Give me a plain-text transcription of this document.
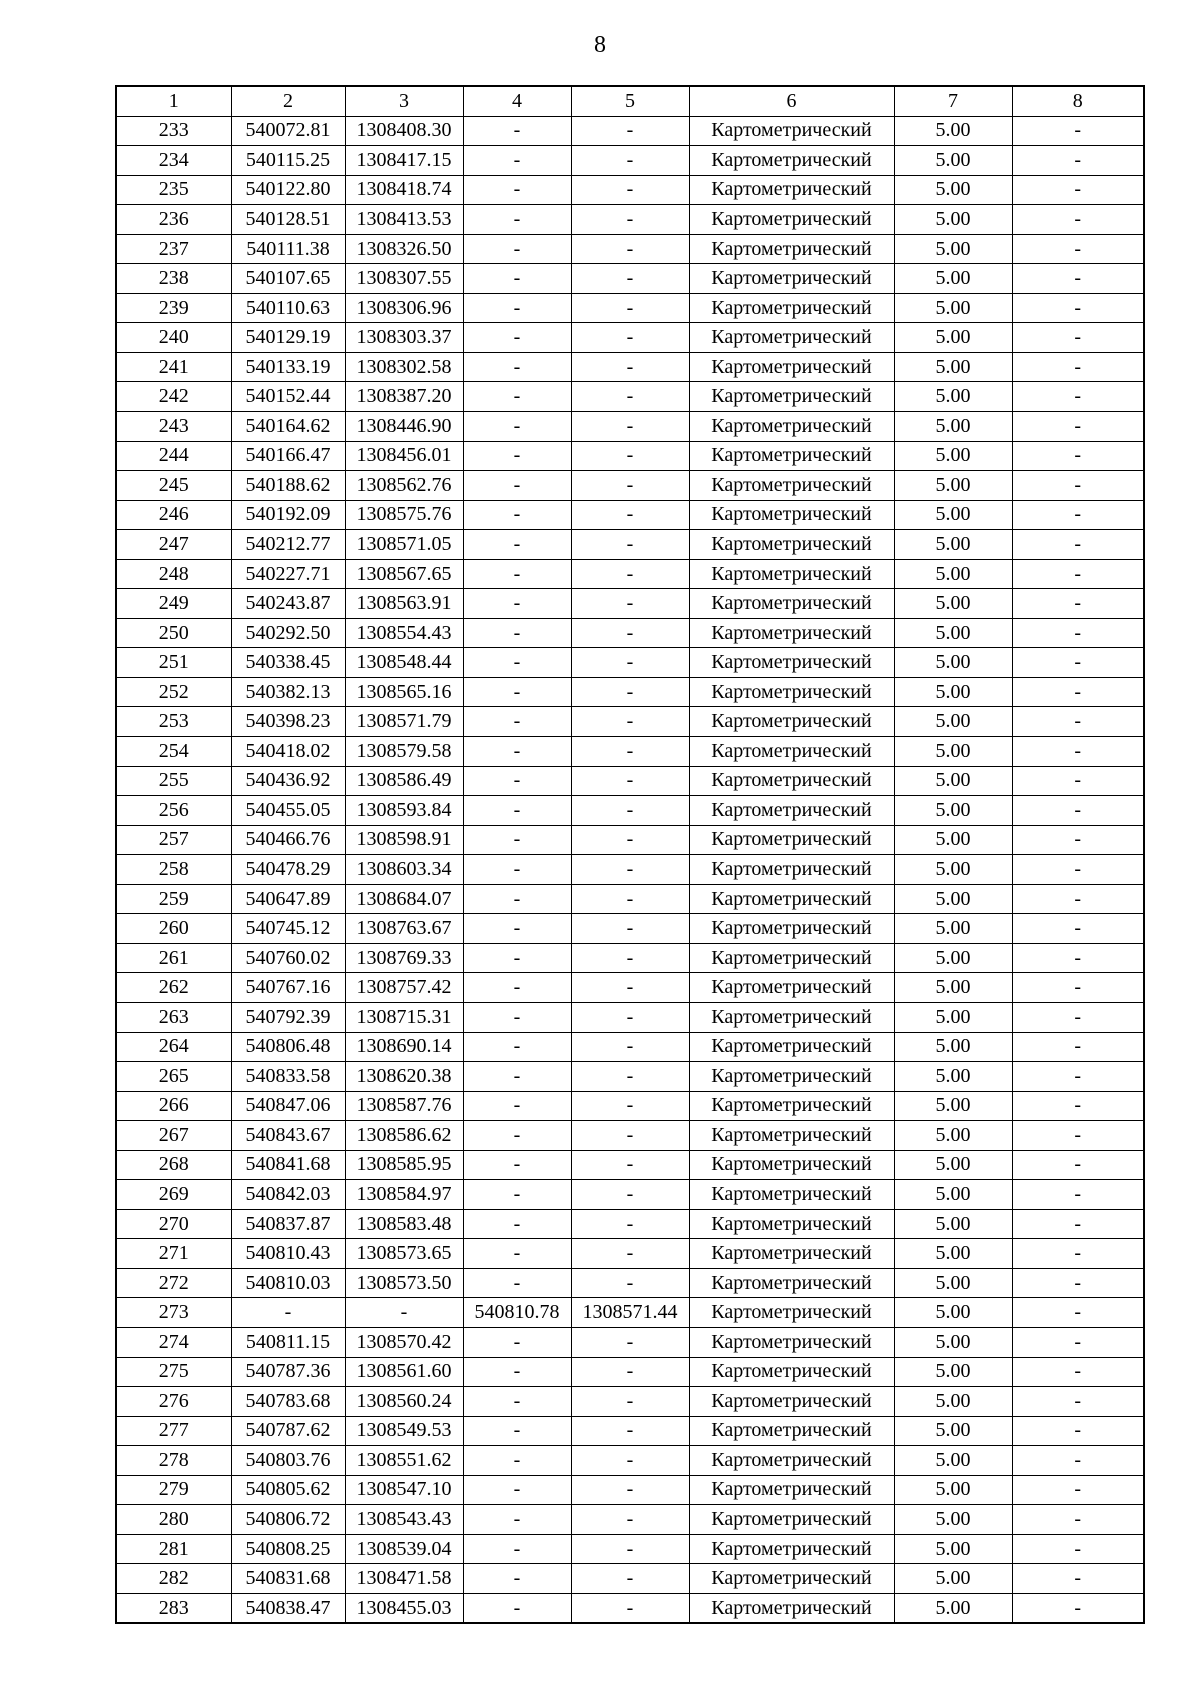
8
1	2	3	4	5	6	7	8
233	540072.81	1308408.30	-	-	Картометрический	5.00	-
234	540115.25	1308417.15	-	-	Картометрический	5.00	-
235	540122.80	1308418.74	-	-	Картометрический	5.00	-
236	540128.51	1308413.53	-	-	Картометрический	5.00	-
237	540111.38	1308326.50	-	-	Картометрический	5.00	-
238	540107.65	1308307.55	-	-	Картометрический	5.00	-
239	540110.63	1308306.96	-	-	Картометрический	5.00	-
240	540129.19	1308303.37	-	-	Картометрический	5.00	-
241	540133.19	1308302.58	-	-	Картометрический	5.00	-
242	540152.44	1308387.20	-	-	Картометрический	5.00	-
243	540164.62	1308446.90	-	-	Картометрический	5.00	-
244	540166.47	1308456.01	-	-	Картометрический	5.00	-
245	540188.62	1308562.76	-	-	Картометрический	5.00	-
246	540192.09	1308575.76	-	-	Картометрический	5.00	-
247	540212.77	1308571.05	-	-	Картометрический	5.00	-
248	540227.71	1308567.65	-	-	Картометрический	5.00	-
249	540243.87	1308563.91	-	-	Картометрический	5.00	-
250	540292.50	1308554.43	-	-	Картометрический	5.00	-
251	540338.45	1308548.44	-	-	Картометрический	5.00	-
252	540382.13	1308565.16	-	-	Картометрический	5.00	-
253	540398.23	1308571.79	-	-	Картометрический	5.00	-
254	540418.02	1308579.58	-	-	Картометрический	5.00	-
255	540436.92	1308586.49	-	-	Картометрический	5.00	-
256	540455.05	1308593.84	-	-	Картометрический	5.00	-
257	540466.76	1308598.91	-	-	Картометрический	5.00	-
258	540478.29	1308603.34	-	-	Картометрический	5.00	-
259	540647.89	1308684.07	-	-	Картометрический	5.00	-
260	540745.12	1308763.67	-	-	Картометрический	5.00	-
261	540760.02	1308769.33	-	-	Картометрический	5.00	-
262	540767.16	1308757.42	-	-	Картометрический	5.00	-
263	540792.39	1308715.31	-	-	Картометрический	5.00	-
264	540806.48	1308690.14	-	-	Картометрический	5.00	-
265	540833.58	1308620.38	-	-	Картометрический	5.00	-
266	540847.06	1308587.76	-	-	Картометрический	5.00	-
267	540843.67	1308586.62	-	-	Картометрический	5.00	-
268	540841.68	1308585.95	-	-	Картометрический	5.00	-
269	540842.03	1308584.97	-	-	Картометрический	5.00	-
270	540837.87	1308583.48	-	-	Картометрический	5.00	-
271	540810.43	1308573.65	-	-	Картометрический	5.00	-
272	540810.03	1308573.50	-	-	Картометрический	5.00	-
273	-	-	540810.78	1308571.44	Картометрический	5.00	-
274	540811.15	1308570.42	-	-	Картометрический	5.00	-
275	540787.36	1308561.60	-	-	Картометрический	5.00	-
276	540783.68	1308560.24	-	-	Картометрический	5.00	-
277	540787.62	1308549.53	-	-	Картометрический	5.00	-
278	540803.76	1308551.62	-	-	Картометрический	5.00	-
279	540805.62	1308547.10	-	-	Картометрический	5.00	-
280	540806.72	1308543.43	-	-	Картометрический	5.00	-
281	540808.25	1308539.04	-	-	Картометрический	5.00	-
282	540831.68	1308471.58	-	-	Картометрический	5.00	-
283	540838.47	1308455.03	-	-	Картометрический	5.00	-
